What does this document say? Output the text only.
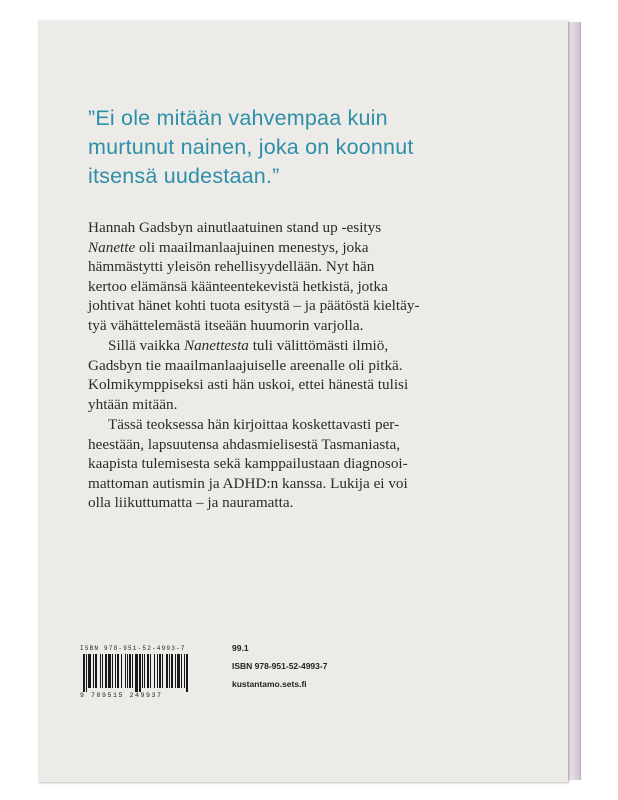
”Ei ole mitään vahvempaa kuin
murtunut nainen, joka on koonnut
itsensä uudestaan.”
Hannah Gadsbyn ainutlaatuinen stand up -esitys
Nanette oli maailmanlaajuinen menestys, joka
hämmästytti yleisön rehellisyydellään. Nyt hän
kertoo elämänsä käänteentekevistä hetkistä, jotka
johtivat hänet kohti tuota esitystä – ja päätöstä kieltäy-
tyä vähättelemästä itseään huumorin varjolla.
Sillä vaikka Nanettesta tuli välittömästi ilmiö,
Gadsbyn tie maailmanlaajuiselle areenalle oli pitkä.
Kolmikymppiseksi asti hän uskoi, ettei hänestä tulisi
yhtään mitään.
Tässä teoksessa hän kirjoittaa koskettavasti per-
heestään, lapsuutensa ahdasmielisestä Tasmaniasta,
kaapista tulemisesta sekä kamppailustaan diagnosoi-
mattoman autismin ja ADHD:n kanssa. Lukija ei voi
olla liikuttumatta – ja nauramatta.
ISBN 978-951-52-4993-7
9 789515 249937
99.1
ISBN 978-951-52-4993-7
kustantamo.sets.fi
